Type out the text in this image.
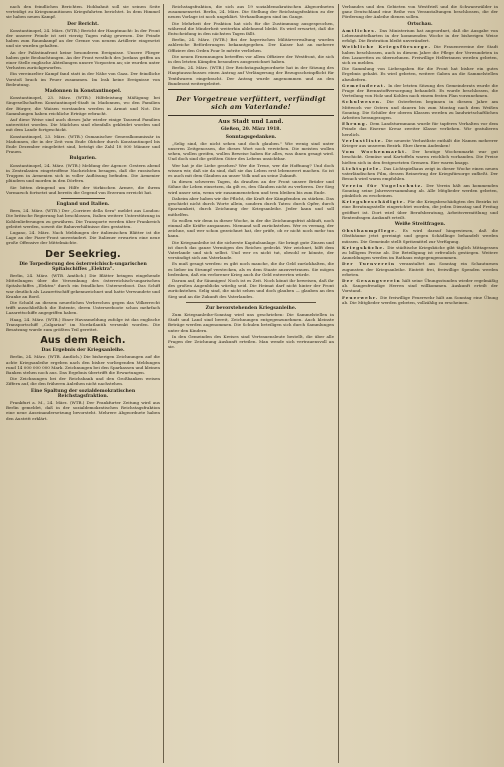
nach den feindlichen Berichten. Hohbahnit soll sie seinen Seite verteidigt zu Kriegsmunitionen Kriegsfahrten berichtet. In dem Himmel sie haben neuen Kampf.

Der Bericht.

Konstantinopel, 24. März. (WTB.) Bericht der Hauptmacht: In der Front der unserer Feinde ist seit vierzig Tagen ruhig gewesen. Die Feinde haben zum Raumkampf an der Grenze von neuem Artillerie eingesetzt und sie wurden gehalten.

An der Palästinafront keine besonderen Ereignisse. Unsere Flieger haben gute Beobachtungen. An der Front westlich des Jordans griffen an einer Stelle englische Abteilungen unsere Vorposten an; sie wurden unter Verlusten zurückgeworfen.

Ein vereinzelter Kampf fand statt in der Nähe von Gaza. Der feindliche Vorstoß brach im Feuer zusammen. Im Irak keine Ereignisse von Bedeutung.

Madonnen in Konstantinopel.

Konstantinopel, 23. März. (WTB.) Hilfeleistung Mäßigung bei Singesellschaften Konstantinopel-Stadt in Madonnen, wo den Familien der Bürger, die Waisen vorstanden werden in Armut und Not. Die Sammlungen haben reichliche Erträge erbracht.

Auf diese Weise sind auch dieses Jahr wieder einige Tausend Familien unterstützt worden. Die Mädchen sind ebenfalls gekleidet worden und mit dem Lande fortgeschickt.

Konstantinopel, 23. März. (WTB.) Osmanischer Generalkommissär in Madonnen, die in der Zeit vom Ende Oktober durch Konstantinopel bis Ende Dezember eingeleitet sind, beträgt die Zahl 18 000 Männer und Frauen.

Bulgarien.

Konstantinopel, 24. März. (WTB.) Meldung der Agence: Gestern abend in Zentralasien eingetroffene Nachrichten besagen, daß die russischen Truppen in Armenien sich in voller Auflösung befinden. Die Armenier plündern und morden in den Dörfern.

Sie bitten dringend um Hilfe der türkischen Armee, die ihrem Vormarsch fortsetzt und bereits die Gegend von Erzerum erreicht hat.

England und Italien.

Bern, 24. März. (WTB.) Der „Corriere della Sera" meldet aus London: Die britische Regierung hat beschlossen, Italien weitere Unterstützung in Kohlenlieferungen zu gewähren. Die Transporte werden über Frankreich geleitet werden, soweit die Bahnverhältnisse dies gestatten.

Lugano, 24. März. Nach Meldungen der italienischen Blätter ist die Lage an der Piave-Front unverändert. Die Italiener erwarten eine neue große Offensive der Mittelmächte.

Der Seekrieg.
Die Torpedierung des österreichisch-ungarischen Spitalschiffes „Elektra".

Berlin, 24. März. (WTB. Amtlich.) Die Blätter bringen eingehende Mitteilungen über die Versenkung des österreichisch-ungarischen Spitalschiffes „Elektra" durch ein feindliches Unterseeboot. Das Schiff war deutlich als Lazarettschiff gekennzeichnet und hatte Verwundete und Kranke an Bord.

Die Schuld an diesem neuerlichen Verbrechen gegen das Völkerrecht trifft ausschließlich die Entente, deren Unterseeboote schon mehrfach Lazarettschiffe angegriffen haben.

Haag, 24. März. (WTB.) Einer Havasmeldung zufolge ist das englische Transportschiff „Calgarian" im Nordatlantik versenkt worden. Die Besatzung wurde zum größten Teil gerettet.

Aus dem Reich.
Das Ergebnis der Kriegsanleihe.

Berlin, 24. März. (WTB. Amtlich.) Die bisherigen Zeichnungen auf die achte Kriegsanleihe ergeben nach den bisher vorliegenden Meldungen rund 14 000 000 000 Mark. Zeichnungen bei den Sparkassen und kleinen Banken stehen noch aus. Das Ergebnis übertrifft die Erwartungen.

Die Zeichnungen bei der Reichsbank und den Großbanken weisen Ziffern auf, die den früheren Anleihen nicht nachstehen.

Eine Spaltung der sozialdemokratischen Reichstagsfraktion.

Frankfurt a. M., 24. März. (WTB.) Der Frankfurter Zeitung wird aus Berlin gemeldet, daß in der sozialdemokratischen Reichstagsfraktion eine neue Auseinandersetzung bevorsteht. Mehrere Abgeordnete haben den Austritt erklärt.

Reichstagsfraktion, die sich aus 19 sozialdemokratischen Abgeordneten zusammensetzt. Berlin, 24. März. Die Stellung der Reichstagsfraktion zu der neuen Vorlage ist noch ungeklärt. Verhandlungen sind im Gange.

Die Mehrheit der Fraktion hat sich für die Zustimmung ausgesprochen, während die Minderheit weiterhin ablehnend bleibt. Es wird erwartet, daß die Entscheidung in den nächsten Tagen fällt.

Berlin, 24. März. (WTB.) Bei der bayerischen Militärverwaltung wurden zahlreiche Beförderungen bekanntgegeben. Der Kaiser hat an mehrere Offiziere den Orden Pour le mérite verliehen.

Die neuen Ernennungen betreffen vor allem Offiziere der Westfront, die sich in den letzten Kämpfen besonders ausgezeichnet haben.

Berlin, 24. März. (WTB.) Der Reichstagsabgeordnete hat in der Sitzung des Hauptausschusses einen Antrag auf Verlängerung der Bezugsscheinpflicht für Textilwaren eingebracht. Der Antrag wurde angenommen und an den Bundesrat weitergeleitet.

Der Vorgetreue verfüttert, verfündigt sich am Vaterlande!
Aus Stadt und Land.
Gießen, 20. März 1918.
Sonntagsgedanken.

„Selig sind, die nicht sehen und doch glauben." Wie wenig sind unter unseren Zeitgenossen, die dieses Wort noch verstehen. Die meisten wollen sehen, wollen greifen, wollen Beweise haben für alles, was ihnen gesagt wird. Und doch sind die größten Güter des Lebens unsichtbar.

Wer hat je die Liebe gesehen? Wer die Treue, wer die Hoffnung? Und doch wissen wir, daß sie da sind, daß sie das Leben erst lebenswert machen. So ist es auch mit dem Glauben an unser Volk und an seine Zukunft.

In diesen schweren Tagen, da draußen an der Front unsere Brüder und Söhne ihr Leben einsetzen, da gilt es, den Glauben nicht zu verlieren. Der Sieg wird unser sein, wenn wir zusammenstehen und treu bleiben bis zum Ende.

Daheim aber haben wir die Pflicht, die Kraft der Kämpfenden zu stärken. Das geschieht nicht durch Worte allein, sondern durch Taten: durch Opfer, durch Sparsamkeit, durch Zeichnung der Kriegsanleihe. Jeder kann und soll mithelfen.

So wollen wir denn in dieser Woche, in der die Zeichnungsfrist abläuft, noch einmal alle Kräfte anspannen. Niemand soll zurückstehen. Wer es vermag, der zeichne, und wer schon gezeichnet hat, der prüfe, ob er nicht noch mehr tun kann.

Die Kriegsanleihe ist die sicherste Kapitalsanlage. Sie bringt gute Zinsen und ist durch das ganze Vermögen des Reiches gedeckt. Wer zeichnet, hilft dem Vaterlande und sich selbst. Und wer es nicht tut, obwohl er könnte, der versündigt sich am Vaterlande.

Es muß gesagt werden: es gibt noch manche, die ihr Geld zurückhalten, die es lieber im Strumpf verstecken, als es dem Staate anzuvertrauen. Sie mögen bedenken, daß ein verlorener Krieg auch ihr Geld entwerten würde.

Darum auf, ihr Säumigen! Noch ist es Zeit. Noch könnt ihr beweisen, daß ihr des großen Augenblicks würdig seid. Die Heimat darf nicht hinter der Front zurückstehen. Selig sind, die nicht sehen und doch glauben — glauben an den Sieg und an die Zukunft des Vaterlandes.

Zur bevorstehenden Kriegsanleihe.

Zum Kriegsanleihe-Sonntag wird uns geschrieben: Die Sammelstellen in Stadt und Land sind bereit, Zeichnungen entgegenzunehmen. Auch kleinste Beträge werden angenommen. Die Schulen beteiligen sich durch Sammlungen unter den Kindern.

In den Gemeinden des Kreises sind Vertrauensleute bestellt, die über alle Fragen der Zeichnung Auskunft erteilen. Man wende sich vertrauensvoll an sie.

Verbandes und den Gebieten von Westfrieß und die Schwarzwälder in ganz Deutschland eine Reihe von Veranstaltungen beschlossen, die der Förderung der Anleihe dienen sollen.

Ortschau.

Amtliches. Das Ministerium hat angeordnet, daß die Ausgabe von Lebensmittelkarten in der kommenden Woche in der bisherigen Weise erfolgt. Die Brotration bleibt unverändert.

Weibliche Kriegsfürsorge. Die Frauenvereine der Stadt haben beschlossen, auch in diesem Jahre die Pflege der Verwundeten in den Lazaretten zu übernehmen. Freiwillige Helferinnen werden gebeten, sich zu melden.

Die Sammlung von Liebesgaben für die Front hat bisher ein gutes Ergebnis gehabt. Es wird gebeten, weitere Gaben an die Sammelstellen abzuliefern.

Gemeinderat. In der letzten Sitzung des Gemeinderats wurde die Frage der Brennstoffversorgung behandelt. Es wurde beschlossen, die Verteilung von Holz und Kohlen nach einem festen Plan vorzunehmen.

Schulwesen. Die Osterferien beginnen in diesem Jahre am Mittwoch vor Ostern und dauern bis zum Montag nach dem Weißen Sonntag. Die Schüler der oberen Klassen werden zu landwirtschaftlichen Arbeiten herangezogen.

Ehrung. Dem Landsturmmann wurde für tapferes Verhalten vor dem Feinde das Eiserne Kreuz zweiter Klasse verliehen. Wir gratulieren herzlich.

Verlustliste. Die neueste Verlustliste enthält die Namen mehrerer Krieger aus unserem Bezirk. Ehre ihrem Andenken!

Vom Wochenmarkt. Der heutige Wochenmarkt war gut beschickt. Gemüse und Kartoffeln waren reichlich vorhanden. Die Preise hielten sich in den festgesetzten Grenzen. Eier waren knapp.

Lichtspiele. Das Lichtspielhaus zeigt in dieser Woche einen neuen vaterländischen Film, dessen Reinertrag der Kriegsfürsorge zufließt. Der Besuch wird warm empfohlen.

Verein für Vogelschutz. Der Verein hält am kommenden Sonntag seine Jahresversammlung ab. Alle Mitglieder werden gebeten, pünktlich zu erscheinen.

Kriegsbeschädigte. Für die Kriegsbeschädigten des Bezirks ist eine Beratungsstelle eingerichtet worden, die jeden Dienstag und Freitag geöffnet ist. Dort wird über Berufsberatung, Arbeitsvermittlung und Rentenfragen Auskunft erteilt.

Weiße Streitfragen.

Obstbaumpflege. Es wird darauf hingewiesen, daß die Obstbäume jetzt gereinigt und gegen Schädlinge behandelt werden müssen. Die Gemeinde stellt Spritzmittel zur Verfügung.

Kriegsküche. Die städtische Kriegsküche gibt täglich Mittagessen zu billigem Preise ab. Die Beteiligung ist erfreulich gestiegen. Weitere Anmeldungen werden im Rathaus entgegengenommen.

Der Turnverein veranstaltet am Sonntag ein Schauturnen zugunsten der Kriegsanleihe. Eintritt frei, freiwillige Spenden werden erbeten.

Der Gesangverein hält seine Übungsstunden wieder regelmäßig ab. Sangesfreudige Herren sind willkommen. Auskunft erteilt der Vorstand.

Feuerwehr. Die freiwillige Feuerwehr hält am Sonntag eine Übung ab. Die Mitglieder werden gebeten, vollzählig zu erscheinen.
